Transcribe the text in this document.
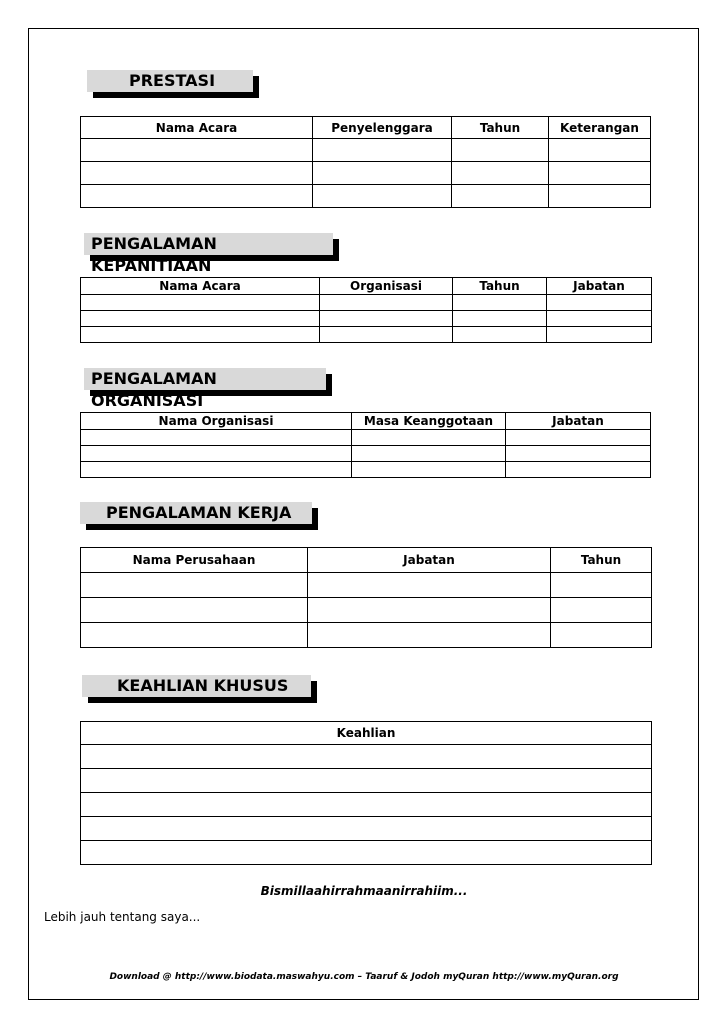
PRESTASI
Nama Acara	Penyelenggara	Tahun	Keterangan

PENGALAMAN KEPANITIAAN
Nama Acara	Organisasi	Tahun	Jabatan

PENGALAMAN ORGANISASI
Nama Organisasi	Masa Keanggotaan	Jabatan

PENGALAMAN KERJA
Nama Perusahaan	Jabatan	Tahun

KEAHLIAN KHUSUS
Keahlian

Bismillaahirrahmaanirrahiim...
Lebih jauh tentang saya...
Download @ http://www.biodata.maswahyu.com – Taaruf & Jodoh myQuran http://www.myQuran.org
